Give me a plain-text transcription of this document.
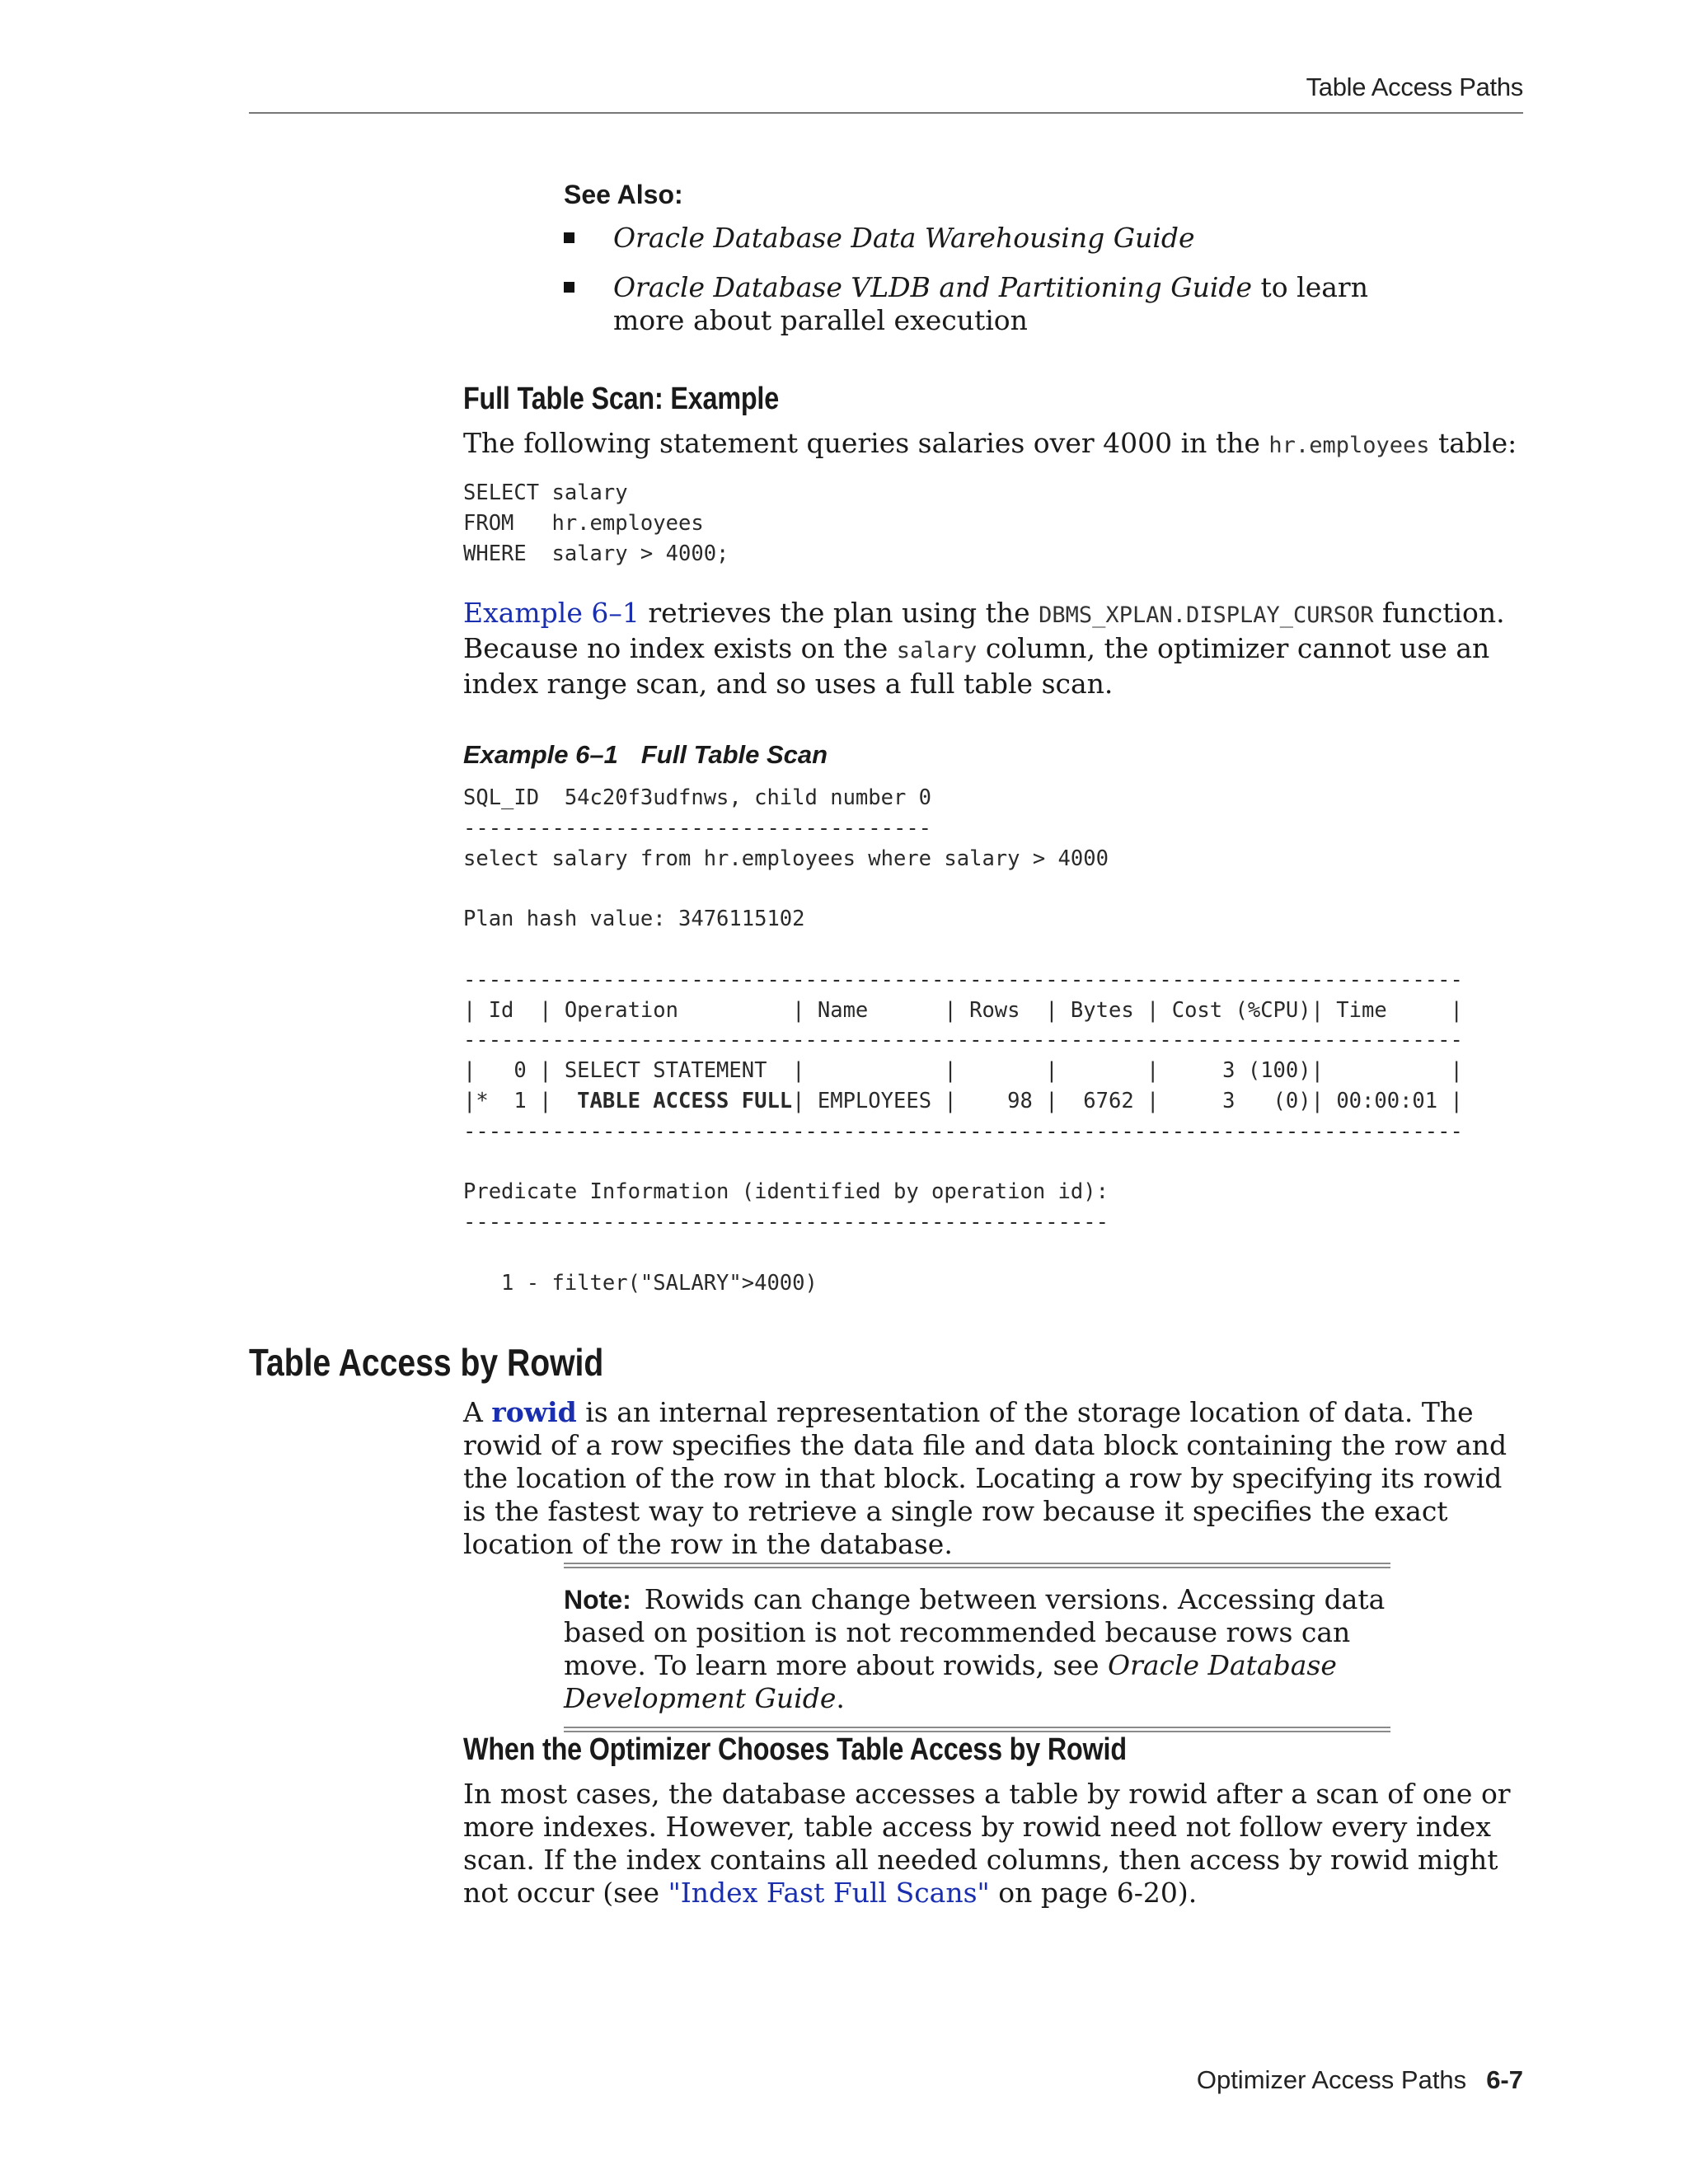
Table Access Paths
See Also:
Oracle Database Data Warehousing Guide
Oracle Database VLDB and Partitioning Guide to learn more about parallel execution
Full Table Scan: Example
The following statement queries salaries over 4000 in the hr.employees table:
SELECT salary
FROM   hr.employees
WHERE  salary > 4000;
Example 6–1 retrieves the plan using the DBMS_XPLAN.DISPLAY_CURSOR function. Because no index exists on the salary column, the optimizer cannot use an index range scan, and so uses a full table scan.
Example 6–1 Full Table Scan
SQL_ID  54c20f3udfnws, child number 0
-------------------------------------
select salary from hr.employees where salary > 4000

Plan hash value: 3476115102

-------------------------------------------------------------------------------
| Id  | Operation         | Name      | Rows  | Bytes | Cost (%CPU)| Time     |
-------------------------------------------------------------------------------
|   0 | SELECT STATEMENT  |           |       |       |     3 (100)|          |
|*  1 |  TABLE ACCESS FULL| EMPLOYEES |    98 |  6762 |     3   (0)| 00:00:01 |
-------------------------------------------------------------------------------

Predicate Information (identified by operation id):
---------------------------------------------------

1 - filter("SALARY">4000)
Table Access by Rowid
A rowid is an internal representation of the storage location of data. The rowid of a row specifies the data file and data block containing the row and the location of the row in that block. Locating a row by specifying its rowid is the fastest way to retrieve a single row because it specifies the exact location of the row in the database.
Note: Rowids can change between versions. Accessing data based on position is not recommended because rows can move. To learn more about rowids, see Oracle Database Development Guide.
When the Optimizer Chooses Table Access by Rowid
In most cases, the database accesses a table by rowid after a scan of one or more indexes. However, table access by rowid need not follow every index scan. If the index contains all needed columns, then access by rowid might not occur (see "Index Fast Full Scans" on page 6-20).
Optimizer Access Paths 6-7
